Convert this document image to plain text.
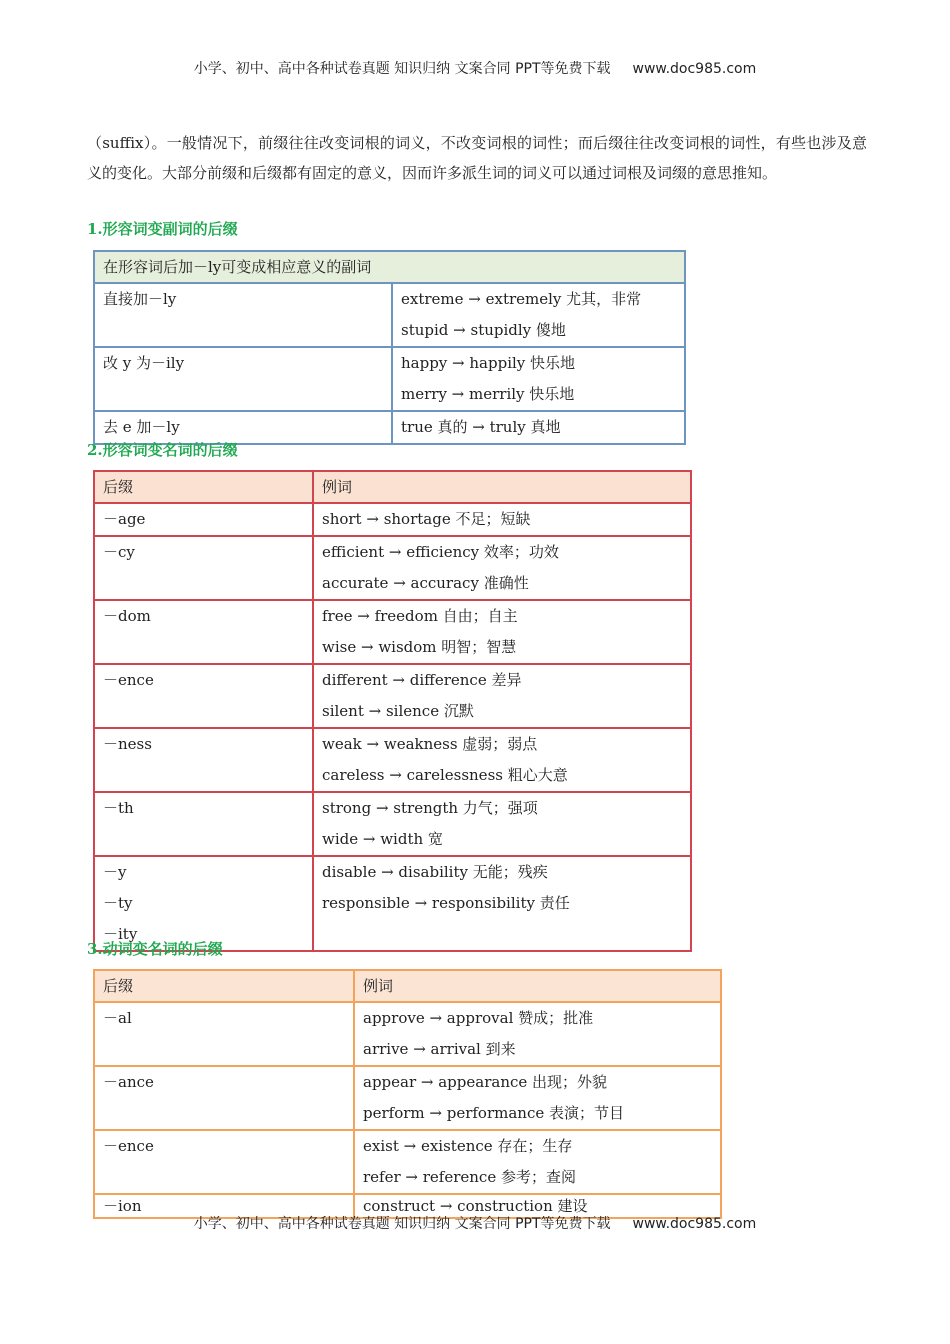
小学、初中、高中各种试卷真题 知识归纳 文案合同 PPT等免费下载 www.doc985.com

（suffix）。一般情况下，前缀往往改变词根的词义，不改变词根的词性；而后缀往往改变词根的词性，有些也涉及意义的变化。大部分前缀和后缀都有固定的意义，因而许多派生词的词义可以通过词根及词缀的意思推知。

1.形容词变副词的后缀

在形容词后加－ly可变成相应意义的副词	

直接加－ly	extreme → extremely 尤其，非常
stupid → stupidly 傻地

改 y 为－ily	happy → happily 快乐地
merry → merrily 快乐地

去 e 加－ly	true 真的 → truly 真地

2.形容词变名词的后缀

后缀	例词

－age	short → shortage 不足；短缺

－cy	efficient → efficiency 效率；功效
accurate → accuracy 准确性

－dom	free → freedom 自由；自主
wise → wisdom 明智；智慧

－ence	different → difference 差异
silent → silence 沉默

－ness	weak → weakness 虚弱；弱点
careless → carelessness 粗心大意

－th	strong → strength 力气；强项
wide → width 宽

－y
－ty
－ity	disable → disability 无能；残疾
responsible → responsibility 责任

3.动词变名词的后缀

后缀	例词

－al	approve → approval 赞成；批准
arrive → arrival 到来

－ance	appear → appearance 出现；外貌
perform → performance 表演；节目

－ence	exist → existence 存在；生存
refer → reference 参考；查阅

－ion	construct → construction 建设
小学、初中、高中各种试卷真题 知识归纳 文案合同 PPT等免费下载 www.doc985.com
